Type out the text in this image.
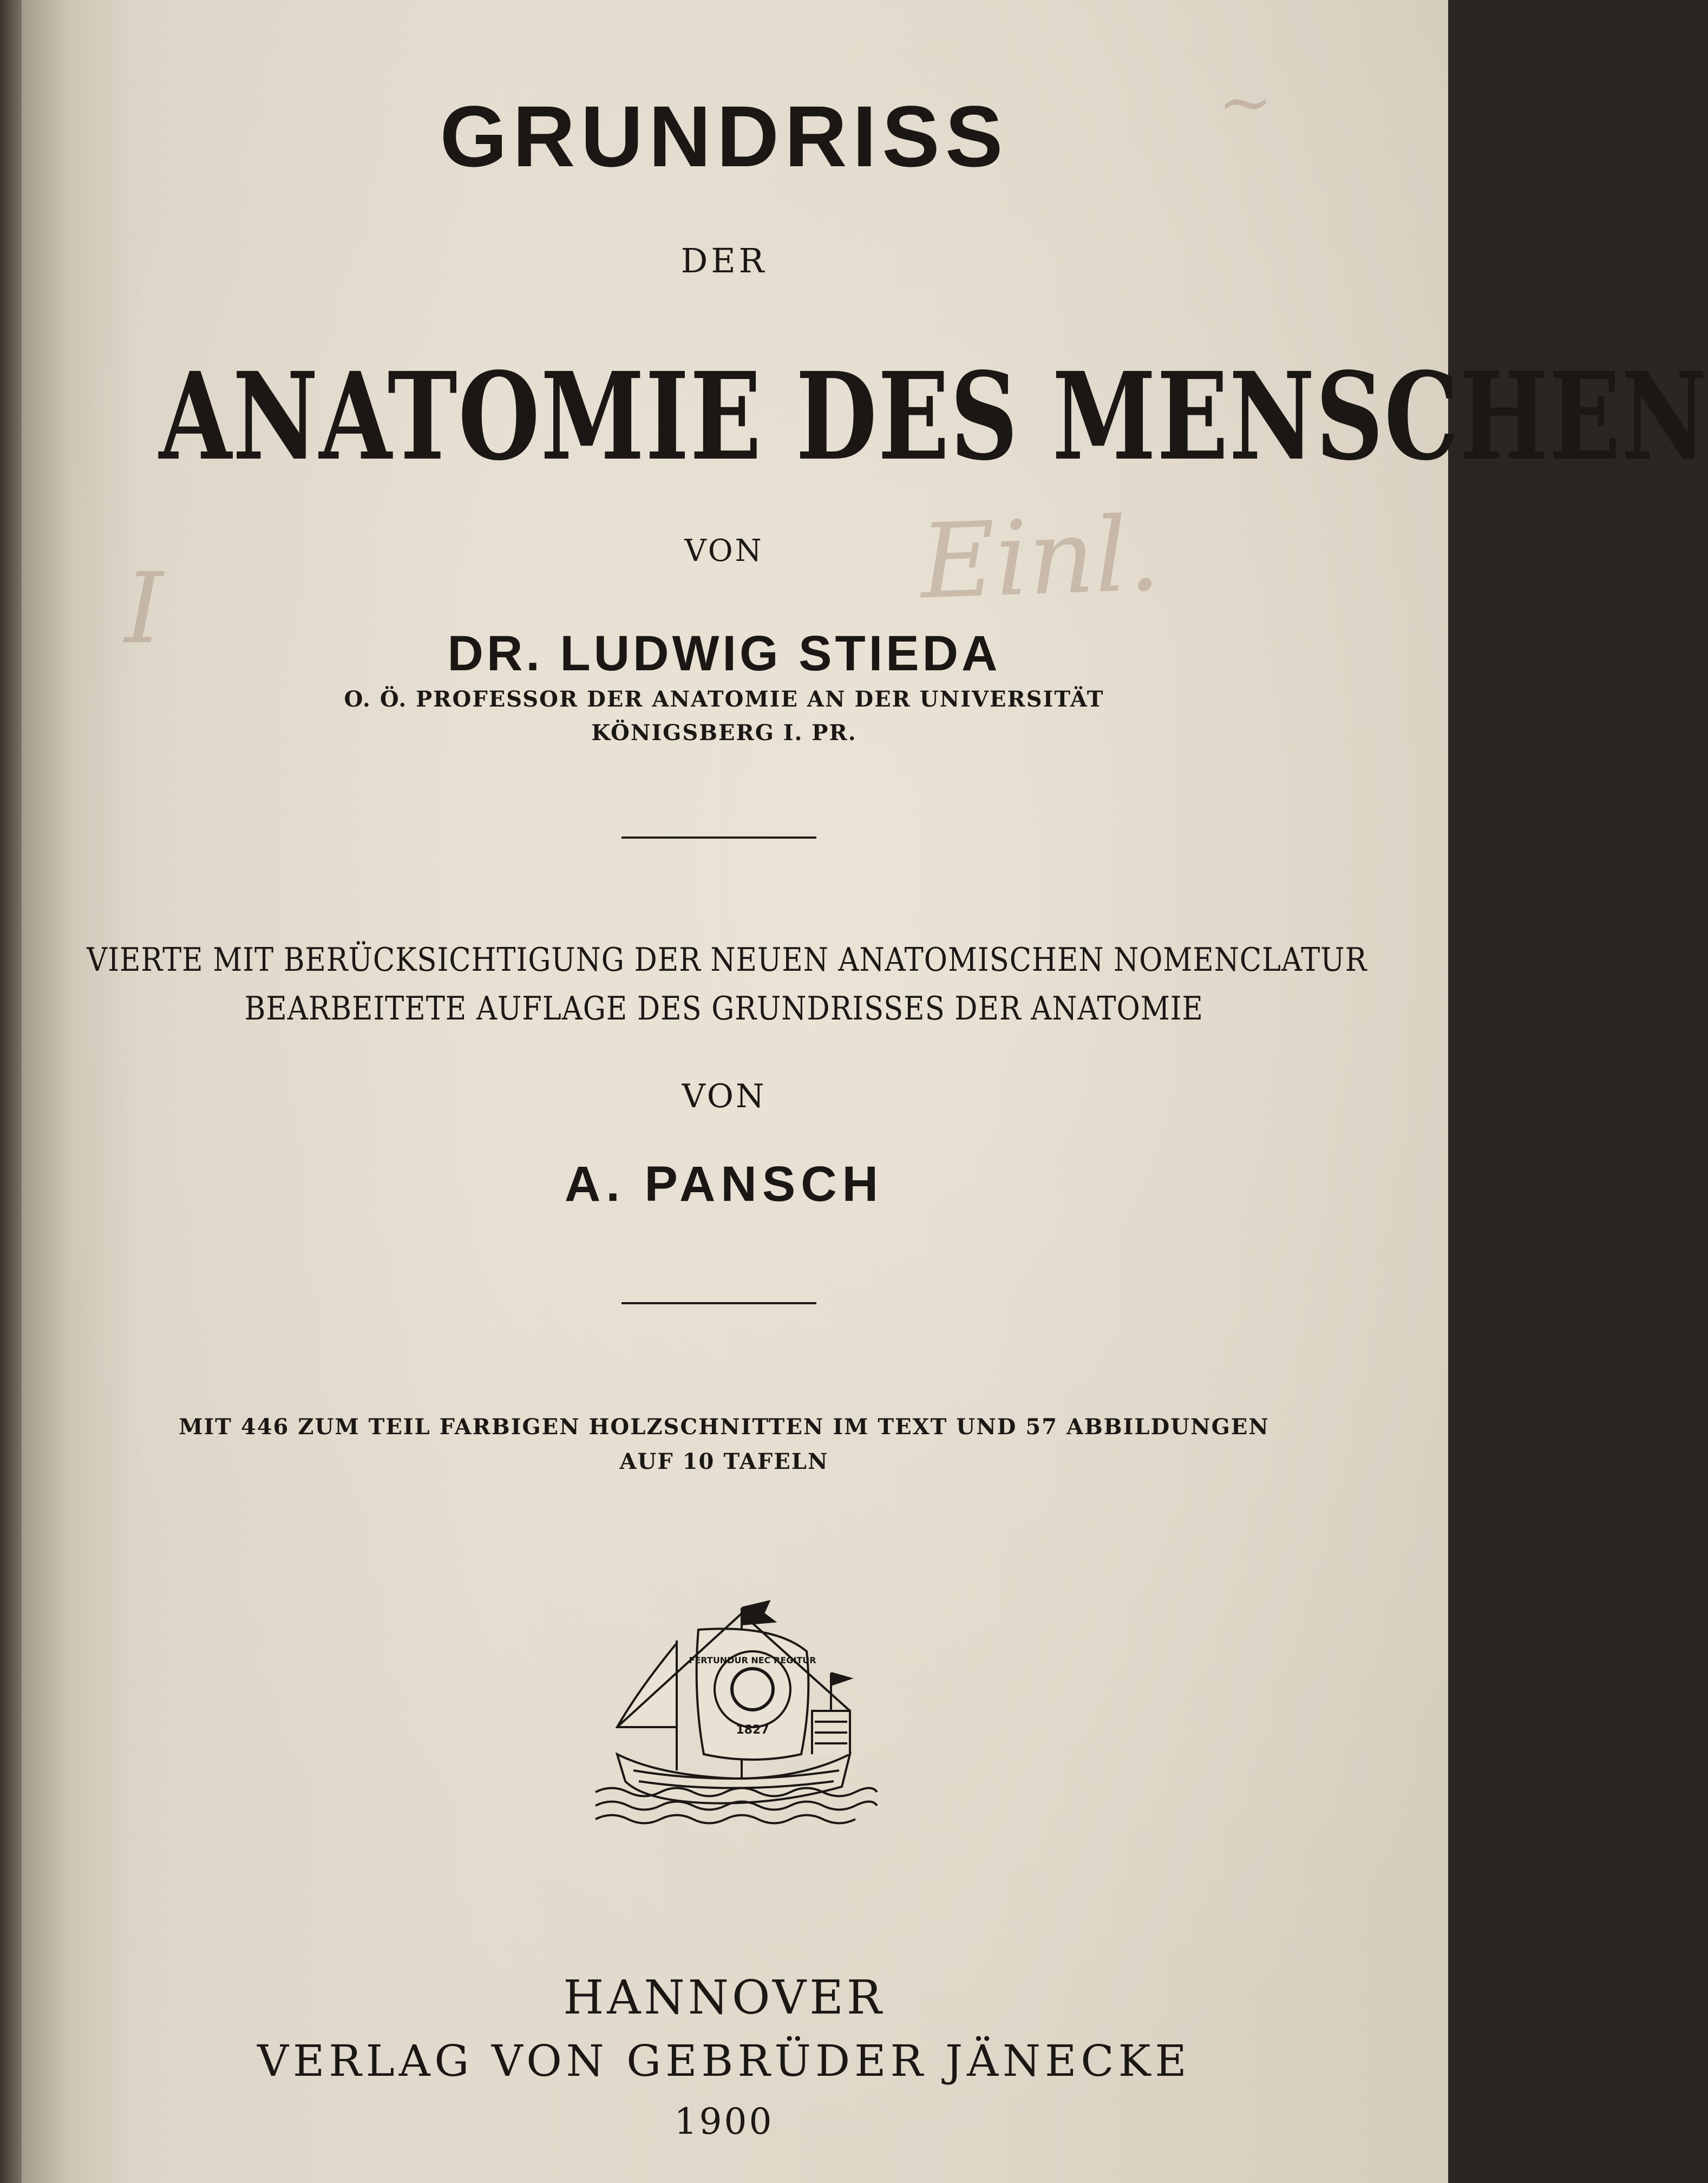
~
Einl.
I
GRUNDRISS
DER
ANATOMIE DES MENSCHEN
VON
DR. LUDWIG STIEDA
O. Ö. PROFESSOR DER ANATOMIE AN DER UNIVERSITÄT
KÖNIGSBERG I. PR.
VIERTE MIT BERÜCKSICHTIGUNG DER NEUEN ANATOMISCHEN NOMENCLATUR
BEARBEITETE AUFLAGE DES GRUNDRISSES DER ANATOMIE
VON
A. PANSCH
MIT 446 ZUM TEIL FARBIGEN HOLZSCHNITTEN IM TEXT UND 57 ABBILDUNGEN
AUF 10 TAFELN
FERTUNDUR NEC REGITUR
1827
HANNOVER
VERLAG VON GEBRÜDER JÄNECKE
1900
